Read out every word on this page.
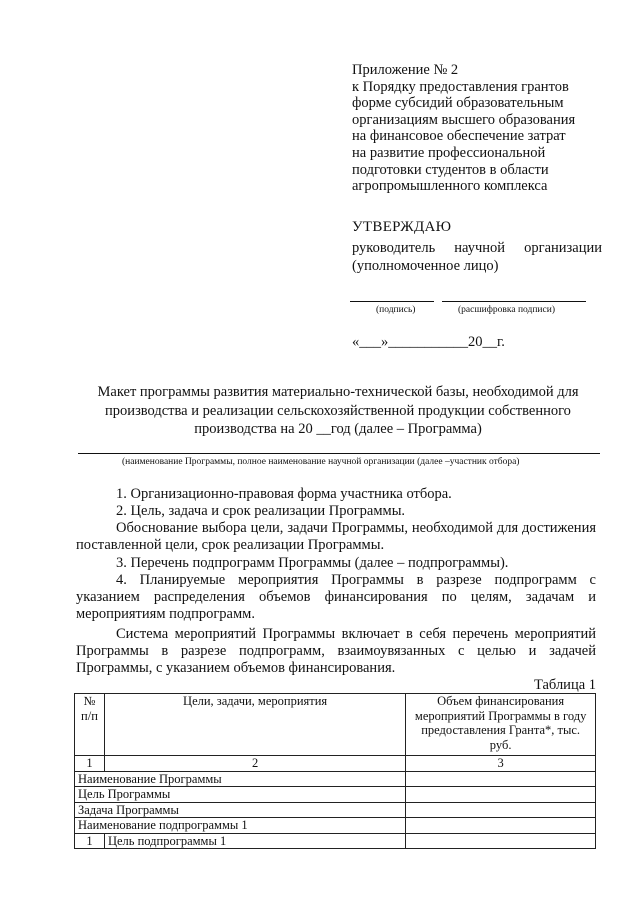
Приложение № 2
к Порядку предоставления грантов
форме субсидий образовательным
организациям высшего образования
на финансовое обеспечение затрат
на развитие профессиональной
подготовки студентов в области
агропромышленного комплекса
УТВЕРЖДАЮ
руководитель научной организации
(уполномоченное лицо)
(подпись)	(расшифровка подписи)
«___»___________20__г.
Макет программы развития материально-технической базы, необходимой для производства и реализации сельскохозяйственной продукции собственного производства на 20 __год (далее – Программа)
(наименование Программы, полное наименование научной организации (далее –участник отбора)
1. Организационно-правовая форма участника отбора.
2. Цель, задача и срок реализации Программы.
Обоснование выбора цели, задачи Программы, необходимой для достижения поставленной цели, срок реализации Программы.
3. Перечень подпрограмм Программы (далее – подпрограммы).
4. Планируемые мероприятия Программы в разрезе подпрограмм с указанием распределения объемов финансирования по целям, задачам и мероприятиям подпрограмм.
Система мероприятий Программы включает в себя перечень мероприятий Программы в разрезе подпрограмм, взаимоувязанных с целью и задачей Программы, с указанием объемов финансирования.
Таблица 1
№ п/п	Цели, задачи, мероприятия	Объем финансирования мероприятий Программы в году предоставления Гранта*, тыс. руб.
1	2	3
Наименование Программы		
Цель Программы		
Задача Программы		
Наименование подпрограммы 1		
1	Цель подпрограммы 1	
